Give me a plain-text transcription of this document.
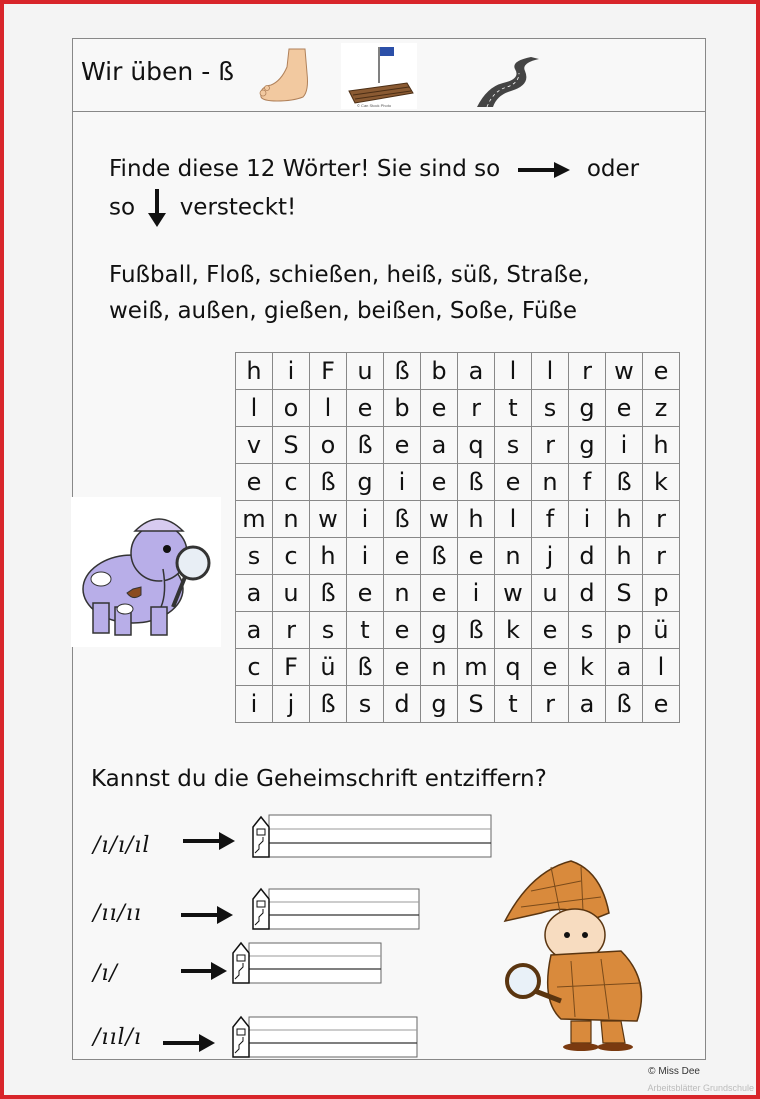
Wir üben - ß
© Can Stock Photo
Finde diese 12 Wörter! Sie sind so	oder
so versteckt!
Fußball, Floß, schießen, heiß, süß, Straße,
weiß, außen, gießen, beißen, Soße, Füße
h	i	F	u	ß	b	a	l	l	r	w	e
l	o	l	e	b	e	r	t	s	g	e	z
v	S	o	ß	e	a	q	s	r	g	i	h
e	c	ß	g	i	e	ß	e	n	f	ß	k
m	n	w	i	ß	w	h	l	f	i	h	r
s	c	h	i	e	ß	e	n	j	d	h	r
a	u	ß	e	n	e	i	w	u	d	S	p
a	r	s	t	e	g	ß	k	e	s	p	ü
c	F	ü	ß	e	n	m	q	e	k	a	l
i	j	ß	s	d	g	S	t	r	a	ß	e
Kannst du die Geheimschrift entziffern?
/ı/ı/ıl
/ıı/ıı
/ı/
/ııl/ı
© Miss Dee
Arbeitsblätter Grundschule
